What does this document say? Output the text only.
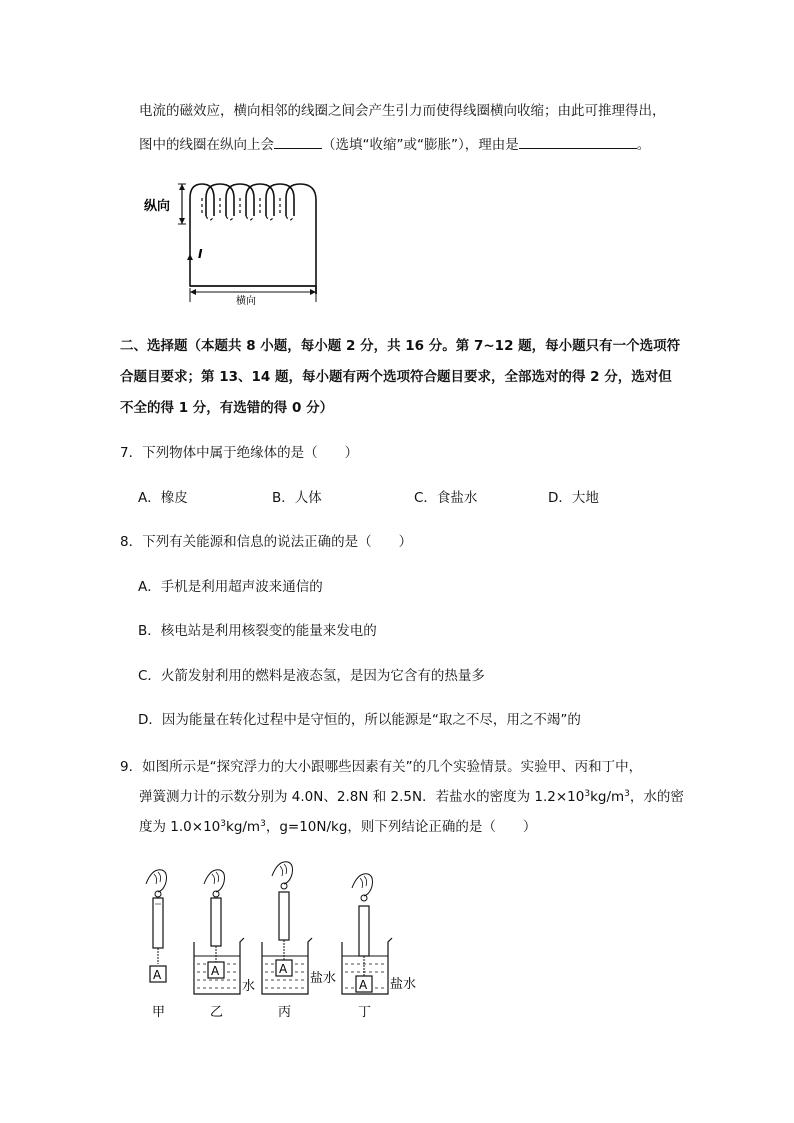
电流的磁效应，横向相邻的线圈之间会产生引力而使得线圈横向收缩；由此可推理得出，
图中的线圈在纵向上会	（选填“收缩”或“膨胀”），理由是	。
纵向
I
横向
二、选择题（本题共 8 小题，每小题 2 分，共 16 分。第 7~12 题，每小题只有一个选项符
合题目要求；第 13、14 题，每小题有两个选项符合题目要求，全部选对的得 2 分，选对但
不全的得 1 分，有选错的得 0 分）
7．下列物体中属于绝缘体的是（　　）
A．橡皮	B．人体	C．食盐水	D．大地
8．下列有关能源和信息的说法正确的是（　　）
A．手机是利用超声波来通信的
B．核电站是利用核裂变的能量来发电的
C．火箭发射利用的燃料是液态氢，是因为它含有的热量多
D．因为能量在转化过程中是守恒的，所以能源是“取之不尽，用之不竭”的
9．如图所示是“探究浮力的大小跟哪些因素有关”的几个实验情景。实验甲、丙和丁中，
弹簧测力计的示数分别为 4.0N、2.8N 和 2.5N．若盐水的密度为 $1.2\times 10^3kg/m^3$，水的密
度为 $1.0\times 10^3kg/m^3$，g=10N/kg，则下列结论正确的是（　　）
A
甲
A
水
乙
A
盐水
丙
A 盐水
丁
